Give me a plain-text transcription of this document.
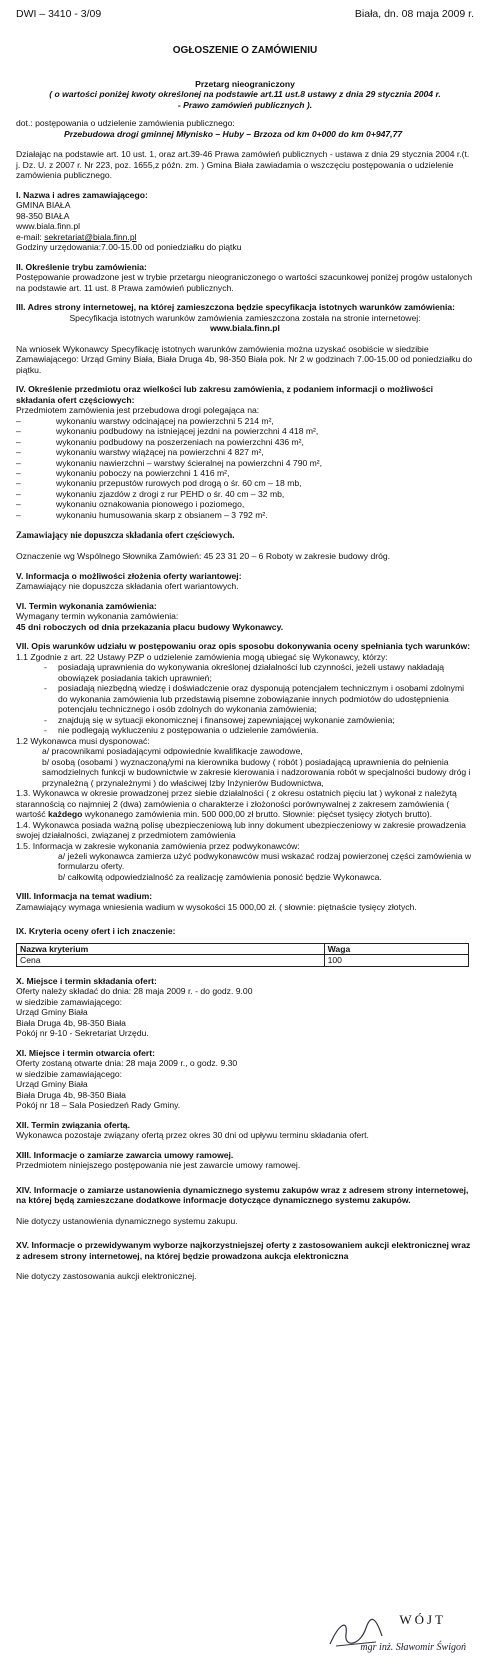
DWI – 3410 - 3/09	Biała, dn. 08 maja 2009 r.
OGŁOSZENIE O ZAMÓWIENIU

Przetarg nieograniczony

( o wartości poniżej kwoty określonej na podstawie art.11 ust.8 ustawy z dnia 29 stycznia 2004 r.

- Prawo zamówień publicznych ).

dot.: postępowania o udzielenie zamówienia publicznego:

Przebudowa drogi gminnej Młynisko – Huby – Brzoza od km 0+000 do km 0+947,77

Działając na podstawie art. 10 ust. 1, oraz art.39-46 Prawa zamówień publicznych - ustawa z dnia 29 stycznia 2004 r.(t. j. Dz. U. z 2007 r. Nr 223, poz. 1655,z późn. zm. ) Gmina Biała zawiadamia o wszczęciu postępowania o udzielenie zamówienia publicznego.

I. Nazwa i adres zamawiającego:

GMINA BIAŁA

98-350 BIAŁA

www.biala.finn.pl

e-mail: sekretariat@biala.finn.pl

Godziny urzędowania:7.00-15.00 od poniedziałku do piątku

II. Określenie trybu zamówienia:

Postępowanie prowadzone jest w trybie przetargu nieograniczonego o wartości szacunkowej poniżej progów ustalonych na podstawie art. 11 ust. 8 Prawa zamówień publicznych.

III. Adres strony internetowej, na której zamieszczona będzie specyfikacja istotnych warunków zamówienia:

Specyfikacja istotnych warunków zamówienia zamieszczona została na stronie internetowej:

www.biala.finn.pl

Na wniosek Wykonawcy Specyfikację istotnych warunków zamówienia można uzyskać osobiście w siedzibie Zamawiającego: Urząd Gminy Biała, Biała Druga 4b, 98-350 Biała pok. Nr 2 w godzinach 7.00-15.00 od poniedziałku do piątku.

IV. Określenie przedmiotu oraz wielkości lub zakresu zamówienia, z podaniem informacji o możliwości składania ofert częściowych:

Przedmiotem zamówienia jest przebudowa drogi polegająca na:

– wykonaniu warstwy odcinającej na powierzchni 5 214 m²,
– wykonaniu podbudowy na istniejącej jezdni na powierzchni 4 418 m²,
– wykonaniu podbudowy na poszerzeniach na powierzchni 436 m²,
– wykonaniu warstwy wiążącej na powierzchni 4 827 m²,
– wykonaniu nawierzchni – warstwy ścieralnej na powierzchni 4 790 m²,
– wykonaniu poboczy na powierzchni 1 416 m²,
– wykonaniu przepustów rurowych pod drogą o śr. 60 cm – 18 mb,
– wykonaniu zjazdów z drogi z rur PEHD o śr. 40 cm – 32 mb,
– wykonaniu oznakowania pionowego i poziomego,
– wykonaniu humusowania skarp z obsianem – 3 792 m².

Zamawiający nie dopuszcza składania ofert częściowych.

Oznaczenie wg Wspólnego Słownika Zamówień: 45 23 31 20 – 6 Roboty w zakresie budowy dróg.

V. Informacja o możliwości złożenia oferty wariantowej:

Zamawiający nie dopuszcza składania ofert wariantowych.

VI. Termin wykonania zamówienia:

Wymagany termin wykonania zamówienia:

45 dni roboczych od dnia przekazania placu budowy Wykonawcy.

VII. Opis warunków udziału w postępowaniu oraz opis sposobu dokonywania oceny spełniania tych warunków:

1.1 Zgodnie z art. 22 Ustawy PZP o udzielenie zamówienia mogą ubiegać się Wykonawcy, którzy:

- posiadają uprawnienia do wykonywania określonej działalności lub czynności, jeżeli ustawy nakładają obowiązek posiadania takich uprawnień;

- posiadają niezbędną wiedzę i doświadczenie oraz dysponują potencjałem technicznym i osobami zdolnymi do wykonania zamówienia lub przedstawią pisemne zobowiązanie innych podmiotów do udostępnienia potencjału technicznego i osób zdolnych do wykonania zamówienia;

- znajdują się w sytuacji ekonomicznej i finansowej zapewniającej wykonanie zamówienia;

- nie podlegają wykluczeniu z postępowania o udzielenie zamówienia.

1.2 Wykonawca musi dysponować:

a/ pracownikami posiadającymi odpowiednie kwalifikacje zawodowe,

b/ osobą (osobami ) wyznaczoną/ymi na kierownika budowy ( robót ) posiadającą uprawnienia do pełnienia samodzielnych funkcji w budownictwie w zakresie kierowania i nadzorowania robót w specjalności budowy dróg i przynależną ( przynależnymi ) do właściwej Izby Inżynierów Budownictwa,

1.3. Wykonawca w okresie prowadzonej przez siebie działalności ( z okresu ostatnich pięciu lat ) wykonał z należytą starannością co najmniej 2 (dwa) zamówienia o charakterze i złożoności porównywalnej z zakresem zamówienia ( wartość każdego wykonanego zamówienia min. 500 000,00 zł brutto. Słownie: pięćset tysięcy złotych brutto).

1.4. Wykonawca posiada ważną polisę ubezpieczeniową lub inny dokument ubezpieczeniowy w zakresie prowadzenia swojej działalności, związanej z przedmiotem zamówienia

1.5. Informacja w zakresie wykonania zamówienia przez podwykonawców:

a/ jeżeli wykonawca zamierza użyć podwykonawców musi wskazać rodzaj powierzonej części zamówienia w formularzu oferty.

b/ całkowitą odpowiedzialność za realizację zamówienia ponosić będzie Wykonawca.

VIII. Informacja na temat wadium:

Zamawiający wymaga wniesienia wadium w wysokości 15 000,00 zł. ( słownie: piętnaście tysięcy złotych.

IX. Kryteria oceny ofert i ich znaczenie:

Nazwa kryterium	Waga
Cena	100

X. Miejsce i termin składania ofert:

Oferty należy składać do dnia: 28 maja 2009 r. - do godz. 9.00

w siedzibie zamawiającego:

Urząd Gminy Biała

Biała Druga 4b, 98-350 Biała

Pokój nr 9-10 - Sekretariat Urzędu.

XI. Miejsce i termin otwarcia ofert:

Oferty zostaną otwarte dnia: 28 maja 2009 r., o godz. 9.30

w siedzibie zamawiającego:

Urząd Gminy Biała

Biała Druga 4b, 98-350 Biała

Pokój nr 18 – Sala Posiedzeń Rady Gminy.

XII. Termin związania ofertą.

Wykonawca pozostaje związany ofertą przez okres 30 dni od upływu terminu składania ofert.

XIII. Informacje o zamiarze zawarcia umowy ramowej.

Przedmiotem niniejszego postępowania nie jest zawarcie umowy ramowej.

XIV. Informacje o zamiarze ustanowienia dynamicznego systemu zakupów wraz z adresem strony internetowej, na której będą zamieszczane dodatkowe informacje dotyczące dynamicznego systemu zakupów.

Nie dotyczy ustanowienia dynamicznego systemu zakupu.

XV. Informacje o przewidywanym wyborze najkorzystniejszej oferty z zastosowaniem aukcji elektronicznej wraz z adresem strony internetowej, na której będzie prowadzona aukcja elektroniczna

Nie dotyczy zastosowania aukcji elektronicznej.

WÓJT
mgr inż. Sławomir Świgoń
